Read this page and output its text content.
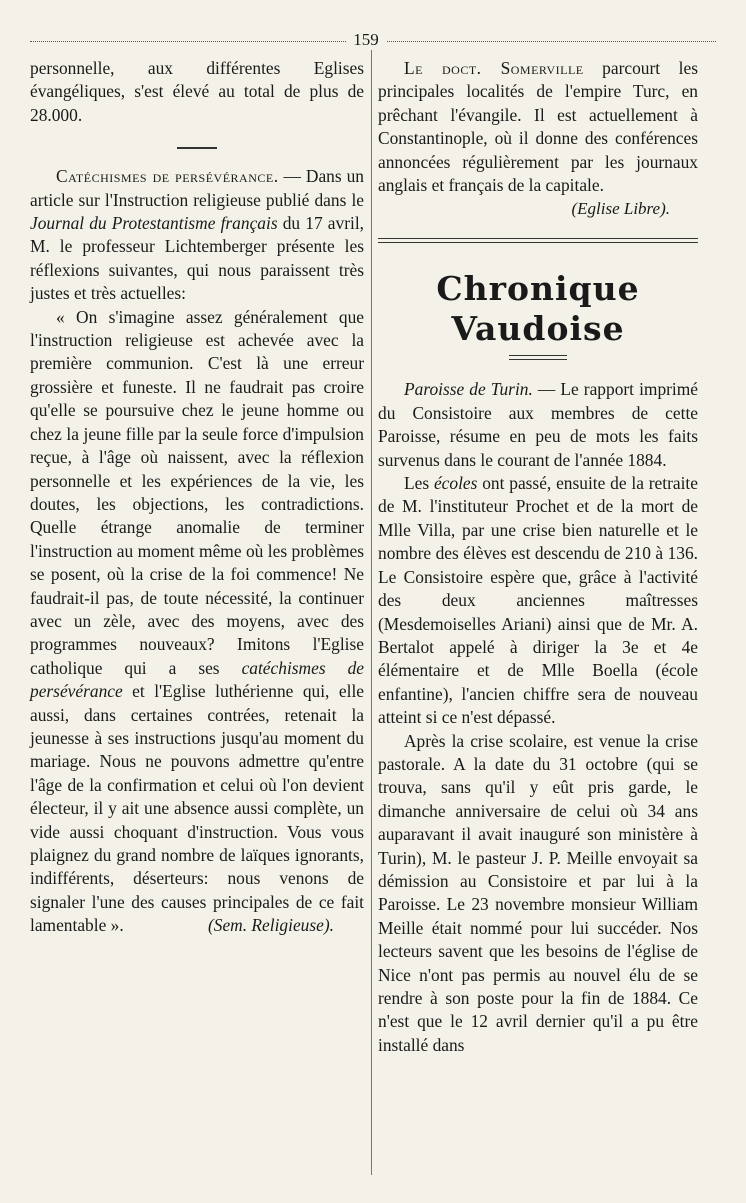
159

personnelle, aux différentes Eglises évangéliques, s'est élevé au total de plus de 28.000.

Catéchismes de persévérance. — Dans un article sur l'Instruction religieuse publié dans le Journal du Protestantisme français du 17 avril, M. le professeur Lichtemberger présente les réflexions suivantes, qui nous paraissent très justes et très actuelles:

« On s'imagine assez généralement que l'instruction religieuse est achevée avec la première communion. C'est là une erreur grossière et funeste. Il ne faudrait pas croire qu'elle se poursuive chez le jeune homme ou chez la jeune fille par la seule force d'impulsion reçue, à l'âge où naissent, avec la réflexion personnelle et les expériences de la vie, les doutes, les objections, les contradictions. Quelle étrange anomalie de terminer l'instruction au moment même où les problèmes se posent, où la crise de la foi commence! Ne faudrait-il pas, de toute nécessité, la continuer avec un zèle, avec des moyens, avec des programmes nouveaux? Imitons l'Eglise catholique qui a ses catéchismes de persévérance et l'Eglise luthérienne qui, elle aussi, dans certaines contrées, retenait la jeunesse à ses instructions jusqu'au moment du mariage. Nous ne pouvons admettre qu'entre l'âge de la confirmation et celui où l'on devient électeur, il y ait une absence aussi complète, un vide aussi choquant d'instruction. Vous vous plaignez du grand nombre de laïques ignorants, indifférents, déserteurs: nous venons de signaler l'une des causes principales de ce fait lamentable ».	(Sem. Religieuse).

Le doct. Somerville parcourt les principales localités de l'empire Turc, en prêchant l'évangile. Il est actuellement à Constantinople, où il donne des conférences annoncées régulièrement par les journaux anglais et français de la capitale.

(Eglise Libre).

Chronique Vaudoise

Paroisse de Turin. — Le rapport imprimé du Consistoire aux membres de cette Paroisse, résume en peu de mots les faits survenus dans le courant de l'année 1884.

Les écoles ont passé, ensuite de la retraite de M. l'instituteur Prochet et de la mort de Mlle Villa, par une crise bien naturelle et le nombre des élèves est descendu de 210 à 136. Le Consistoire espère que, grâce à l'activité des deux anciennes maîtresses (Mesdemoiselles Ariani) ainsi que de Mr. A. Bertalot appelé à diriger la 3e et 4e élémentaire et de Mlle Boella (école enfantine), l'ancien chiffre sera de nouveau atteint si ce n'est dépassé.

Après la crise scolaire, est venue la crise pastorale. A la date du 31 octobre (qui se trouva, sans qu'il y eût pris garde, le dimanche anniversaire de celui où 34 ans auparavant il avait inauguré son ministère à Turin), M. le pasteur J. P. Meille envoyait sa démission au Consistoire et par lui à la Paroisse. Le 23 novembre monsieur William Meille était nommé pour lui succéder. Nos lecteurs savent que les besoins de l'église de Nice n'ont pas permis au nouvel élu de se rendre à son poste pour la fin de 1884. Ce n'est que le 12 avril dernier qu'il a pu être installé dans
